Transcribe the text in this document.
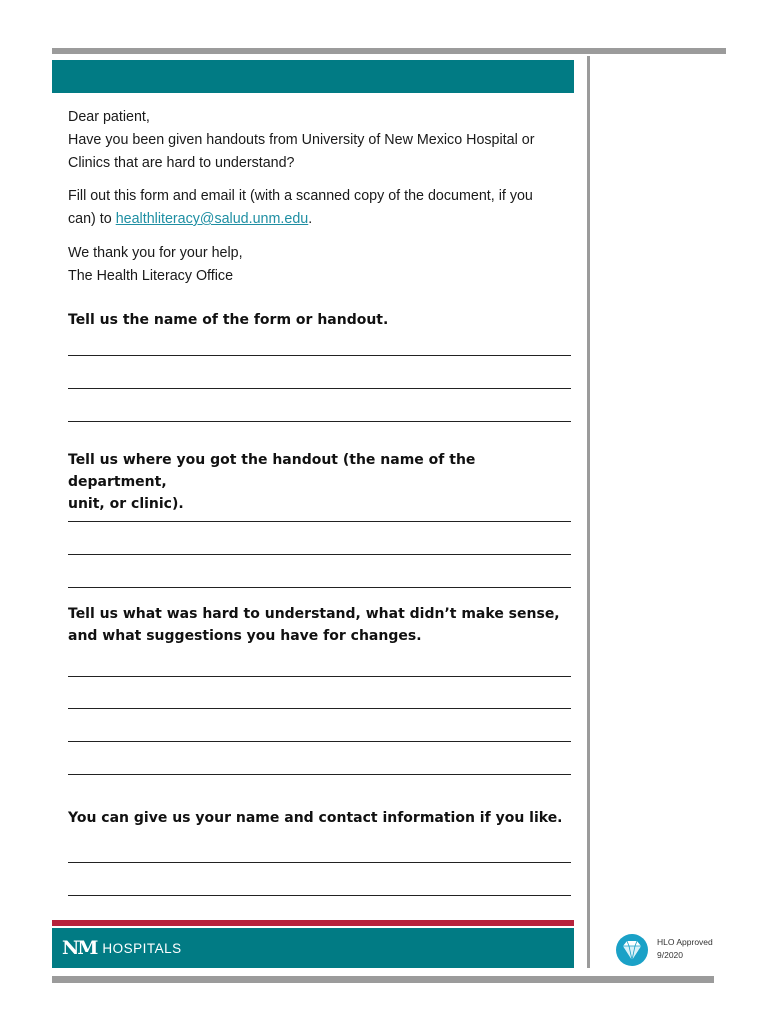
Dear patient,

Have you been given handouts from University of New Mexico Hospital or

Clinics that are hard to understand?

Fill out this form and email it (with a scanned copy of the document, if you

can) to healthliteracy@salud.unm.edu.

We thank you for your help,

The Health Literacy Office

Tell us the name of the form or handout.
Tell us where you got the handout (the name of the department,
unit, or clinic).
Tell us what was hard to understand, what didn’t make sense,
and what suggestions you have for changes.
You can give us your name and contact information if you like.
NM HOSPITALS	HLO Approved
9/2020
